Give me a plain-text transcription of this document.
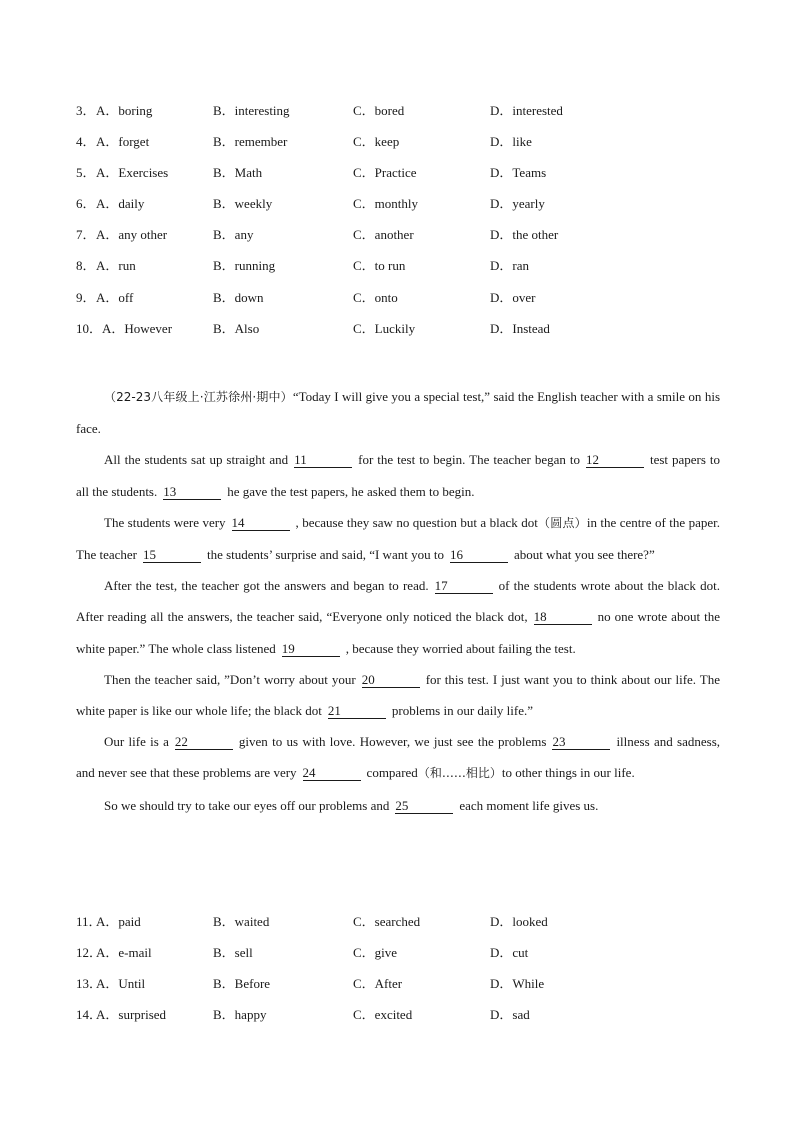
3． A．boring	B．interesting	C．bored	D．interested
4． A．forget	B．remember	C．keep	D．like
5． A．Exercises	B．Math	C．Practice	D．Teams
6． A．daily	B．weekly	C．monthly	D．yearly
7． A．any other	B．any	C．another	D．the other
8． A．run	B．running	C．to run	D．ran
9． A．off	B．down	C．onto	D．over
10． A．However	B．Also	C．Luckily	D．Instead
（22-23八年级上·江苏徐州·期中）“Today I will give you a special test,” said the English teacher with a smile on his face.
All the students sat up straight and 11	for the test to begin. The teacher began to 12	test papers to all the students. 13	he gave the test papers, he asked them to begin.
The students were very 14	, because they saw no question but a black dot（圆点）in the centre of the paper. The teacher 15	the students’ surprise and said, “I want you to 16	about what you see there?”
After the test, the teacher got the answers and began to read. 17	of the students wrote about the black dot. After reading all the answers, the teacher said, “Everyone only noticed the black dot, 18	no one wrote about the white paper.” The whole class listened 19	, because they worried about failing the test.
Then the teacher said, ”Don’t worry about your 20	for this test. I just want you to think about our life. The white paper is like our whole life; the black dot 21	problems in our daily life.”
Our life is a 22	given to us with love. However, we just see the problems 23	illness and sadness, and never see that these problems are very 24	compared（和……相比）to other things in our life.
So we should try to take our eyes off our problems and 25	each moment life gives us.
11．
A．paid	B．waited	C．searched	D．looked
12．
A．e-mail	B．sell	C．give	D．cut
13．
A．Until	B．Before	C．After	D．While
14．
A．surprised	B．happy	C．excited	D．sad
